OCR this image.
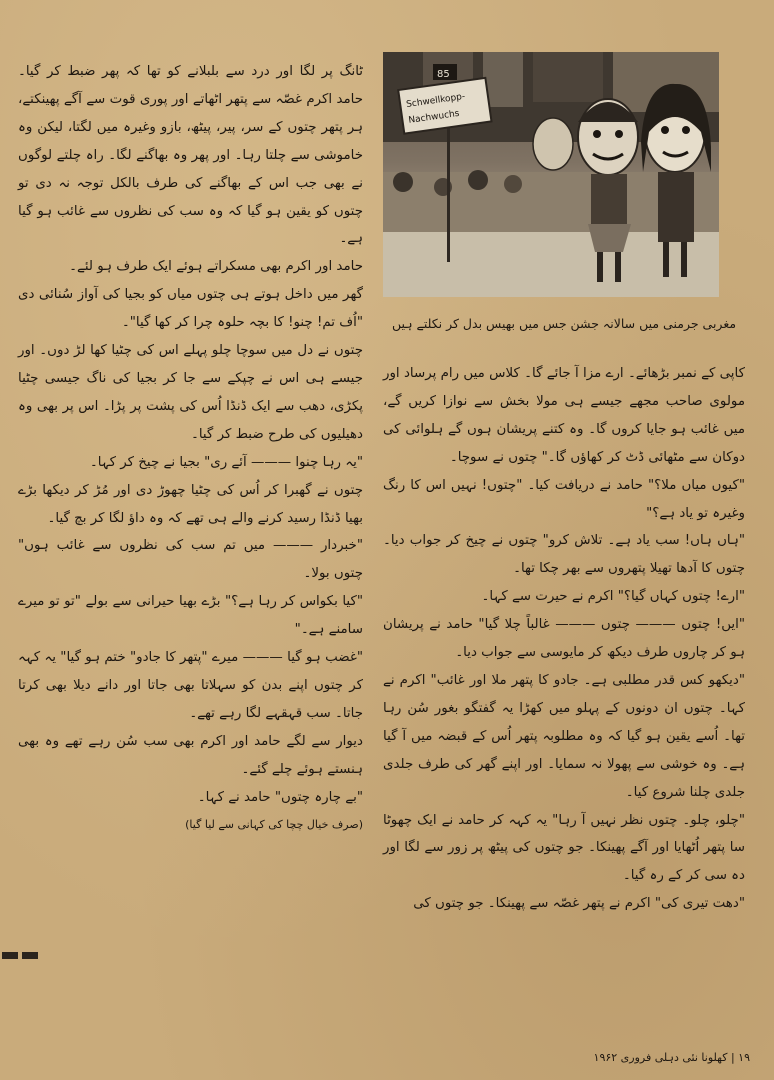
Schwellkopp-
Nachwuchs
85
مغربی جرمنی میں سالانہ جشن جس میں بھیس بدل کر نکلتے ہیں

ٹانگ پر لگا اور درد سے بلبلانے کو تھا کہ پھر ضبط کر گیا۔ حامد اکرم غصّہ سے پتھر اٹھاتے اور پوری قوت سے آگے پھینکتے، ہر پتھر چتوں کے سر، پیر، پیٹھ، بازو وغیرہ میں لگتا، لیکن وہ خاموشی سے چلتا رہا۔ اور پھر وہ بھاگنے لگا۔ راہ چلتے لوگوں نے بھی جب اس کے بھاگنے کی طرف بالکل توجہ نہ دی تو چتوں کو یقین ہو گیا کہ وہ سب کی نظروں سے غائب ہو گیا ہے۔

حامد اور اکرم بھی مسکراتے ہوئے ایک طرف ہو لئے۔

گھر میں داخل ہوتے ہی چتوں میاں کو بجیا کی آواز سُنائی دی "اُف تم! چنو! کا بچہ حلوہ چرا کر کھا گیا"۔

چتوں نے دل میں سوچا چلو پہلے اس کی چٹیا کھا لڑ دوں۔ اور جیسے ہی اس نے چپکے سے جا کر بجیا کی ناگ جیسی چٹیا پکڑی، دھب سے ایک ڈنڈا اُس کی پشت پر پڑا۔ اس پر بھی وہ دھیلیوں کی طرح ضبط کر گیا۔

"یہ رہا چنوا ——— آئے ری" بجیا نے چیخ کر کہا۔

چتوں نے گھبرا کر اُس کی چٹیا چھوڑ دی اور مُڑ کر دیکھا بڑے بھیا ڈنڈا رسید کرنے والے ہی تھے کہ وہ داؤ لگا کر بچ گیا۔

"خبردار ——— میں تم سب کی نظروں سے غائب ہوں" چتوں بولا۔

"کیا بکواس کر رہا ہے؟" بڑے بھیا حیرانی سے بولے "تو تو میرے سامنے ہے۔"

"غضب ہو گیا ——— میرے "پتھر کا جادو" ختم ہو گیا" یہ کہہ کر چتوں اپنے بدن کو سہلاتا بھی جاتا اور دانے دیلا بھی کرتا جاتا۔ سب قہقہے لگا رہے تھے۔

دیوار سے لگے حامد اور اکرم بھی سب سُن رہے تھے وہ بھی ہنستے ہوئے چلے گئے۔

"بے چارہ چتوں" حامد نے کہا۔

(صرف خیال چچا کی کہانی سے لیا گیا)

کاپی کے نمبر بڑھائے۔ ارے مزا آ جائے گا۔ کلاس میں رام پرساد اور مولوی صاحب مجھے جیسے ہی مولا بخش سے نوازا کریں گے، میں غائب ہو جایا کروں گا۔ وہ کتنے پریشان ہوں گے ہلوائی کی دوکان سے مٹھائی ڈٹ کر کھاؤں گا۔" چتوں نے سوچا۔

"کیوں میاں ملا؟" حامد نے دریافت کیا۔ "چتوں! نہیں اس کا رنگ وغیرہ تو یاد ہے؟"

"ہاں ہاں! سب یاد ہے۔ تلاش کرو" چتوں نے چیخ کر جواب دیا۔ چتوں کا آدھا تھیلا پتھروں سے بھر چکا تھا۔

"ارے! چتوں کہاں گیا؟" اکرم نے حیرت سے کہا۔

"ایں! چتوں ——— چتوں ——— غالباً چلا گیا" حامد نے پریشان ہو کر چاروں طرف دیکھ کر مایوسی سے جواب دیا۔

"دیکھو کس قدر مطلبی ہے۔ جادو کا پتھر ملا اور غائب" اکرم نے کہا۔ چتوں ان دونوں کے پہلو میں کھڑا یہ گفتگو بغور سُن رہا تھا۔ اُسے یقین ہو گیا کہ وہ مطلوبہ پتھر اُس کے قبضہ میں آ گیا ہے۔ وہ خوشی سے پھولا نہ سمایا۔ اور اپنے گھر کی طرف جلدی جلدی چلنا شروع کیا۔

"چلو، چلو۔ چتوں نظر نہیں آ رہا" یہ کہہ کر حامد نے ایک چھوٹا سا پتھر اُٹھایا اور آگے پھینکا۔ جو چتوں کی پیٹھ پر زور سے لگا اور دہ سی کر کے رہ گیا۔

"دھت تیری کی" اکرم نے پتھر غصّہ سے پھینکا۔ جو چتوں کی

۱۹ | کھلونا نئی دہلی فروری ۱۹۶۲
